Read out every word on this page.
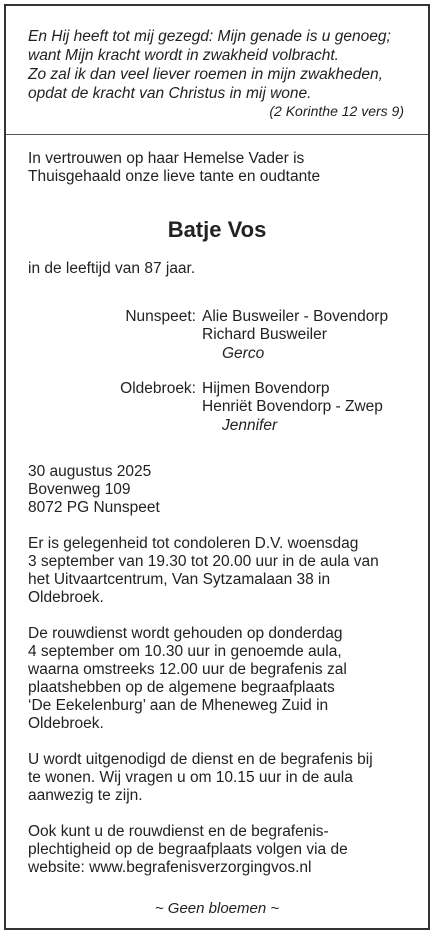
En Hij heeft tot mij gezegd: Mijn genade is u genoeg;
want Mijn kracht wordt in zwakheid volbracht.
Zo zal ik dan veel liever roemen in mijn zwakheden,
opdat de kracht van Christus in mij wone.
(2 Korinthe 12 vers 9)
In vertrouwen op haar Hemelse Vader is
Thuisgehaald onze lieve tante en oudtante
Batje Vos
in de leeftijd van 87 jaar.
Nunspeet: Alie Busweiler - Bovendorp
Richard Busweiler
Gerco
Oldebroek: Hijmen Bovendorp
Henriët Bovendorp - Zwep
Jennifer
30 augustus 2025
Bovenweg 109
8072 PG Nunspeet
Er is gelegenheid tot condoleren D.V. woensdag
3 september van 19.30 tot 20.00 uur in de aula van
het Uitvaartcentrum, Van Sytzamalaan 38 in
Oldebroek.
De rouwdienst wordt gehouden op donderdag
4 september om 10.30 uur in genoemde aula,
waarna omstreeks 12.00 uur de begrafenis zal
plaatshebben op de algemene begraafplaats
‘De Eekelenburg’ aan de Mheneweg Zuid in
Oldebroek.
U wordt uitgenodigd de dienst en de begrafenis bij
te wonen. Wij vragen u om 10.15 uur in de aula
aanwezig te zijn.
Ook kunt u de rouwdienst en de begrafenis-
plechtigheid op de begraafplaats volgen via de
website: www.begrafenisverzorgingvos.nl
~ Geen bloemen ~
